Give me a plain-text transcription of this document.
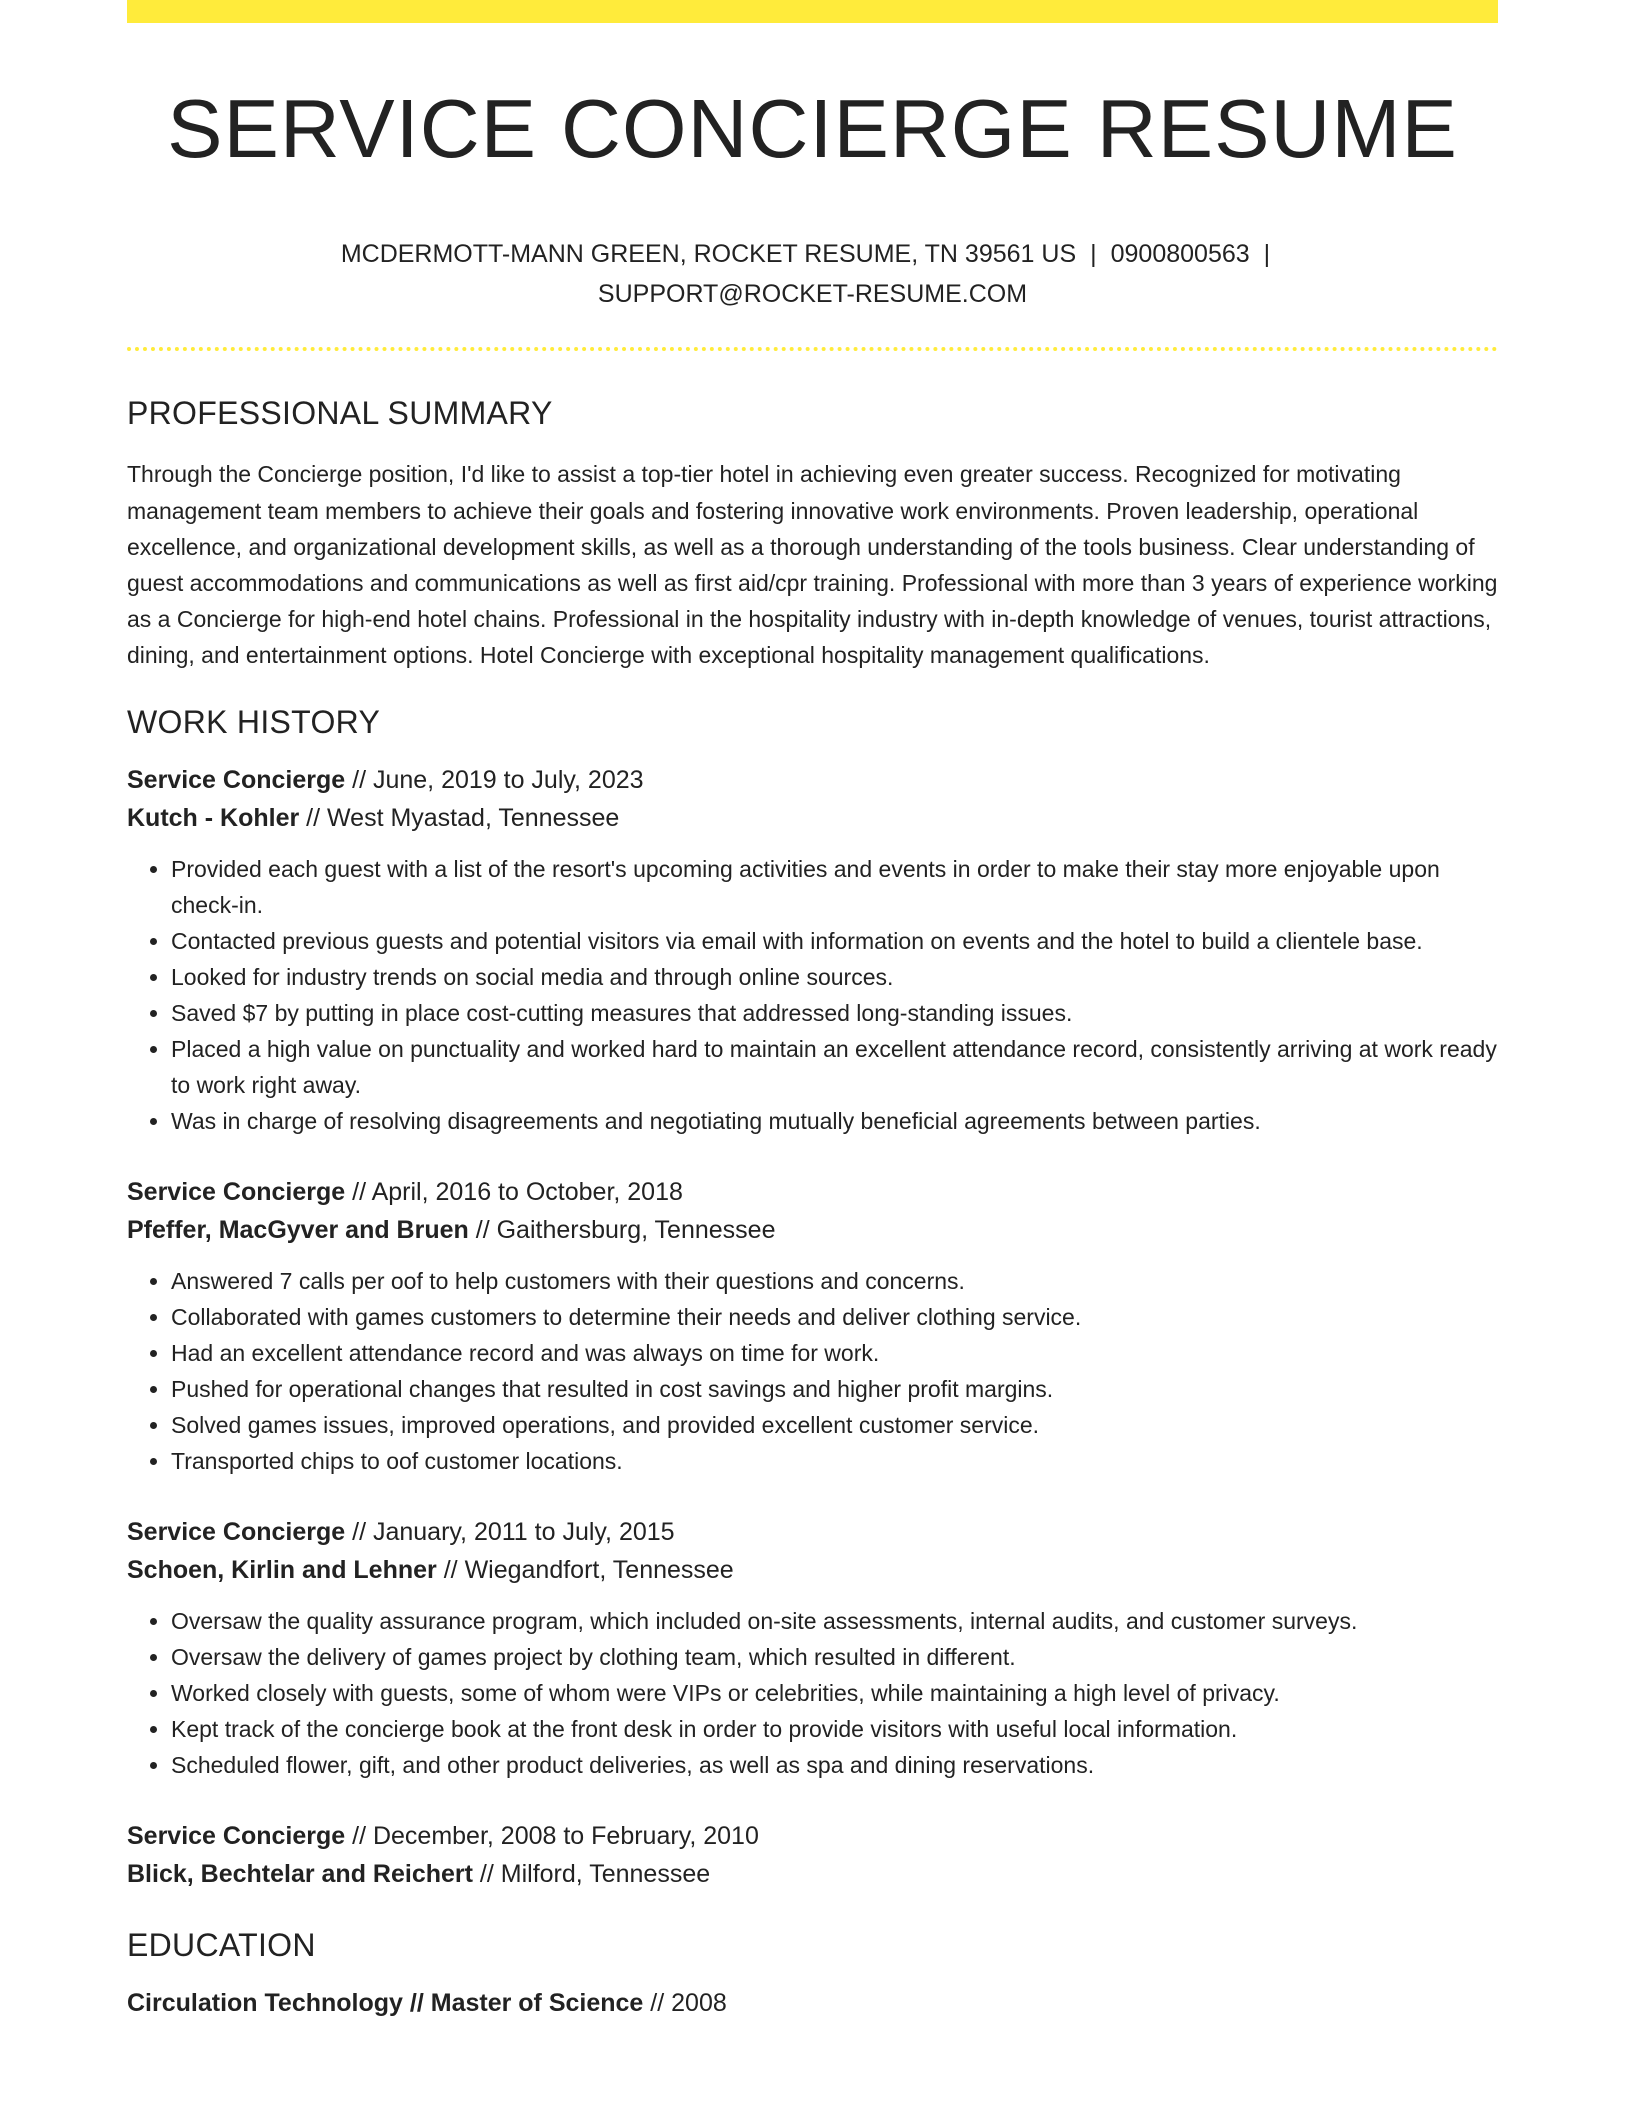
SERVICE CONCIERGE RESUME
MCDERMOTT-MANN GREEN, ROCKET RESUME, TN 39561 US | 0900800563 |
SUPPORT@ROCKET-RESUME.COM
PROFESSIONAL SUMMARY

Through the Concierge position, I'd like to assist a top-tier hotel in achieving even greater success. Recognized for motivating management team members to achieve their goals and fostering innovative work environments. Proven leadership, operational excellence, and organizational development skills, as well as a thorough understanding of the tools business. Clear understanding of guest accommodations and communications as well as first aid/cpr training. Professional with more than 3 years of experience working as a Concierge for high-end hotel chains. Professional in the hospitality industry with in-depth knowledge of venues, tourist attractions, dining, and entertainment options. Hotel Concierge with exceptional hospitality management qualifications.

WORK HISTORY
Service Concierge // June, 2019 to July, 2023
Kutch - Kohler // West Myastad, Tennessee
• Provided each guest with a list of the resort's upcoming activities and events in order to make their stay more enjoyable upon check-in.
• Contacted previous guests and potential visitors via email with information on events and the hotel to build a clientele base.
• Looked for industry trends on social media and through online sources.
• Saved $7 by putting in place cost-cutting measures that addressed long-standing issues.
• Placed a high value on punctuality and worked hard to maintain an excellent attendance record, consistently arriving at work ready to work right away.
• Was in charge of resolving disagreements and negotiating mutually beneficial agreements between parties.
Service Concierge // April, 2016 to October, 2018
Pfeffer, MacGyver and Bruen // Gaithersburg, Tennessee
• Answered 7 calls per oof to help customers with their questions and concerns.
• Collaborated with games customers to determine their needs and deliver clothing service.
• Had an excellent attendance record and was always on time for work.
• Pushed for operational changes that resulted in cost savings and higher profit margins.
• Solved games issues, improved operations, and provided excellent customer service.
• Transported chips to oof customer locations.
Service Concierge // January, 2011 to July, 2015
Schoen, Kirlin and Lehner // Wiegandfort, Tennessee
• Oversaw the quality assurance program, which included on-site assessments, internal audits, and customer surveys.
• Oversaw the delivery of games project by clothing team, which resulted in different.
• Worked closely with guests, some of whom were VIPs or celebrities, while maintaining a high level of privacy.
• Kept track of the concierge book at the front desk in order to provide visitors with useful local information.
• Scheduled flower, gift, and other product deliveries, as well as spa and dining reservations.
Service Concierge // December, 2008 to February, 2010
Blick, Bechtelar and Reichert // Milford, Tennessee
EDUCATION
Circulation Technology // Master of Science // 2008
